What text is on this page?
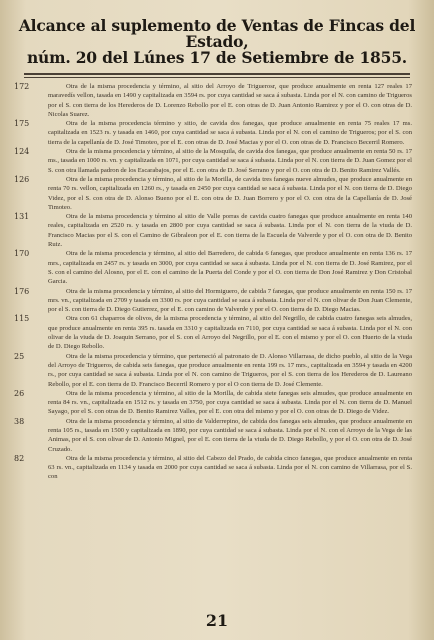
Alcance al suplemento de Ventas de Fincas del Estado,
núm. 20 del Lúnes 17 de Setiembre de 1855.
172	Otra de la misma procedencia y término, al sitio del Arroyo de Triguerosr, que produce anualmente en renta 127 reales 17 maravedís vellon, tasada en 1490 y capitalizada en 3594 rs. por cuya cantidad se saca á subasta. Linda por el N. con camino de Trigueros por el S. con tierra de los Herederos de D. Lorenzo Rebollo por el E. con otras de D. Juan Antonio Ramirez y por el O. con otras de D. Nicolas Suarez.
175	Otra de la misma procedencia término y sitio, de cavida dos fanegas, que produce anualmente en renta 75 reales 17 ms. capitalizada en 1523 rs. y tasada en 1460, por cuya cantidad se saca á subasta. Linda por el N. con el camino de Trigueros; por el S. con tierra de la capellanía de D. José Timoteo, por el E. con otras de D. José Macias y por el O. con otras de D. Francisco Becerril Romero.
124	Otra de la misma procedencia y término, al sitio de la Mosquila, de cavida dos fanegas, que produce anualmente en renta 50 rs. 17 ms., tasada en 1000 rs. vn. y capitalizada en 1071, por cuya cantidad se saca á subasta. Linda por el N. con tierra de D. Juan Gomez por el S. con otra llamada padron de los Escarabajos, por el E. con otra de D. José Serrano y por el O. con otra de D. Benito Ramirez Vallés.
126	Otra de la misma procedencia y término, al sitio de la Morilla, de cavida tres fanegas nueve almudes, que produce anualmente en renta 70 rs. vellon, capitalizada en 1260 rs., y tasada en 2450 por cuya cantidad se saca á subasta. Linda por el N. con tierra de D. Diego Videz, por el S. con otra de D. Alonso Bueno por el E. con otra de D. Juan Borrero y por el O. con otra de la Capellanía de D. José Timoteo.
131	Otra de la misma procedencia y término al sitio de Valle porras de cavida cuatro fanegas que produce anualmente en renta 140 reales, capitalizada en 2520 rs. y tasada en 2800 por cuya cantidad se saca á subasta. Linda por el N. con tierra de la viuda de D. Francisco Macias por el S. con el Camino de Gibraleon por el E. con tierra de la Escuela de Valverde y por el O. con otra de D. Benito Ruiz.
170	Otra de la misma procedencia y término, al sitio del Barredero, de cabida 6 fanegas, que produce anualmente en renta 136 rs. 17 mrs., capitalizada en 2457 rs. y tasada en 3000, por cuya cantidad se saca á subasta. Linda por el N. con tierra de D. José Ramirez, por el S. con el camino del Alosno, por el E. con el camino de la Puerta del Conde y por el O. con tierra de Don José Ramirez y Don Cristobal Garcia.
176	Otra de la misma procedencia y término, al sitio del Hormiguero, de cabida 7 fanegas, que produce anualmente en renta 150 rs. 17 mrs. vn., capitalizada en 2709 y tasada en 3300 rs. por cuya cantidad se saca á subasta. Linda por el N. con olivar de Don Juan Clemente, por el S. con tierra de D. Diego Gutierrez, por el E. con camino de Valverde y por el O. con tierra de D. Diego Macias.
115	Otra con 61 chaparros de olivos, de la misma procedencia y término, al sitio del Negrillo, de cabida cuatro fanegas seis almudes, que produce anualmente en renta 395 rs. tasada en 3310 y capitalizada en 7110, por cuya cantidad se saca á subasta. Linda por el N. con olivar de la viuda de D. Joaquin Serrano, por el S. con el Arroyo del Negrillo, por el E. con el mismo y por el O. con Huerto de la viuda de D. Diego Rebollo.
25	Otra de la misma procedencia y término, que perteneció al patronato de D. Alonso Villarrasa, de dicho pueblo, al sitio de la Vega del Arroyo de Trigueros, de cabida seis fanegas, que produce anualmente en renta 199 rs. 17 mrs., capitalizada en 3594 y tasada en 4200 rs., por cuya cantidad se saca á subasta. Linda por el N. con camino de Trigueros, por el S. con tierra de los Herederos de D. Laureano Rebollo, por el E. con tierra de D. Francisco Becerril Romero y por el O con tierra de D. José Clemente.
26	Otra de la misma procedencia y término, al sitio de la Morilla, de cabida siete fanegas seis almudes, que produce anualmente en renta 84 rs. vn., capitalizada en 1512 rs. y tasada en 3750, por cuya cantidad se saca á subasta. Linda por el N. con tierra de D. Manuel Sayago, por el S. con otras de D. Benito Ramirez Valles, por el E. con otra del mismo y por el O. con otras de D. Diego de Videz.
38	Otra de la misma procedencia y término, al sitio de Valderrepino, de cabida dos fanegas seis almudes, que produce anualmente en renta 105 rs., tasada en 1500 y capitalizada en 1890, por cuya cantidad se saca á subasta. Linda por el N. con el Arroyo de la Vega de las Animas, por el S. con olivar de D. Antonio Mignel, por el E. con tierra de la viuda de D. Diego Rebollo, y por el O. con otra de D. José Cruzado.
82	Otra de la misma procedencia y término, al sitio del Cabezo del Prado, de cabida cinco fanegas, que produce anualmente en renta 63 rs. vn., capitalizada en 1134 y tasada en 2000 por cuya cantidad se saca á subasta. Linda por el N. con camino de Villarrasa, por el S. con
21
